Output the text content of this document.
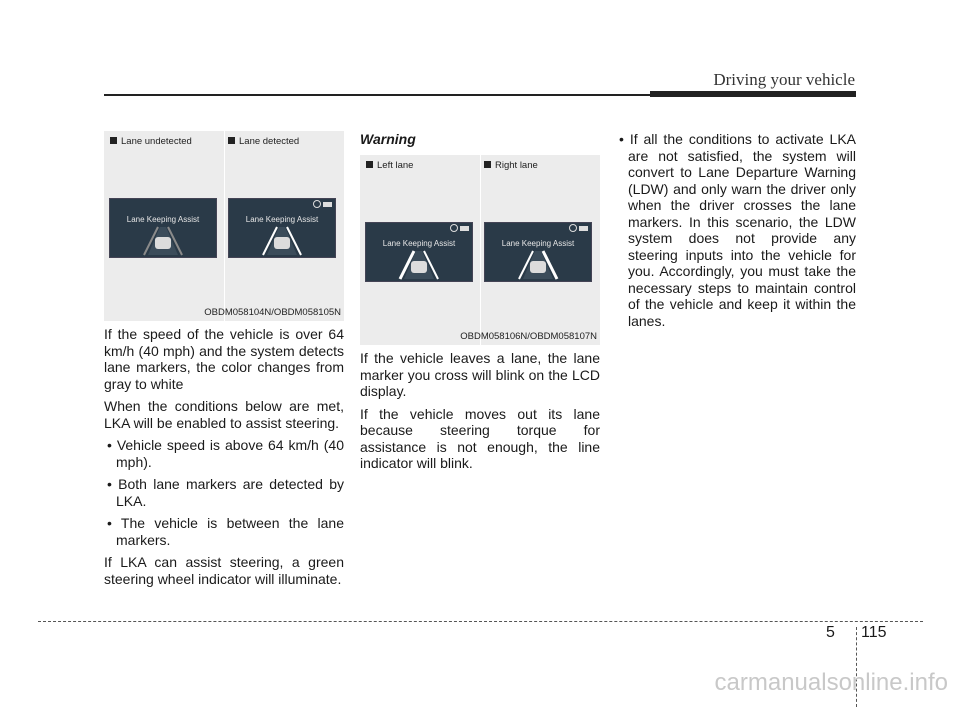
Driving your vehicle
Lane undetected	Lane detected
Lane Keeping Assist	Lane Keeping Assist
OBDM058104N/OBDM058105N

If the speed of the vehicle is over 64 km/h (40 mph) and the system detects lane markers, the color changes from gray to white

When the conditions below are met, LKA will be enabled to assist steering.

• Vehicle speed is above 64 km/h (40 mph).

• Both lane markers are detected by LKA.

• The vehicle is between the lane markers.

If LKA can assist steering, a green steering wheel indicator will illuminate.

Warning
Left lane	Right lane
Lane Keeping Assist	Lane Keeping Assist
OBDM058106N/OBDM058107N

If the vehicle leaves a lane, the lane marker you cross will blink on the LCD display.

If the vehicle moves out its lane because steering torque for assistance is not enough, the line indicator will blink.

• If all the conditions to activate LKA are not satisfied, the system will convert to Lane Departure Warning (LDW) and only warn the driver only when the driver crosses the lane markers. In this scenario, the LDW system does not provide any steering inputs into the vehicle for you. Accordingly, you must take the necessary steps to maintain control of the vehicle and keep it within the lanes.

5 115
carmanualsonline.info
